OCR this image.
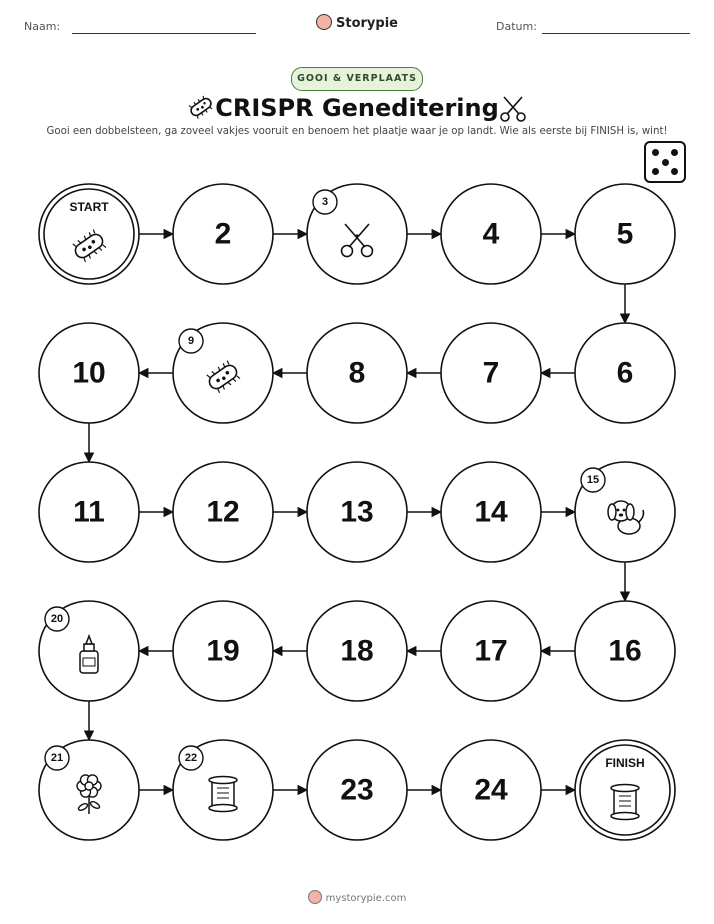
Naam:	Storypie	Datum:
GOOI & VERPLAATS
CRISPR Geneditering
Gooi een dobbelsteen, ga zoveel vakjes vooruit en benoem het plaatje waar je op landt. Wie als eerste bij FINISH is, wint!
START
2
3
4	5
6
7
8
9
10
11	12	13	14
15
16
17
18
19
20
21	22
23	24
FINISH
mystorypie.com
